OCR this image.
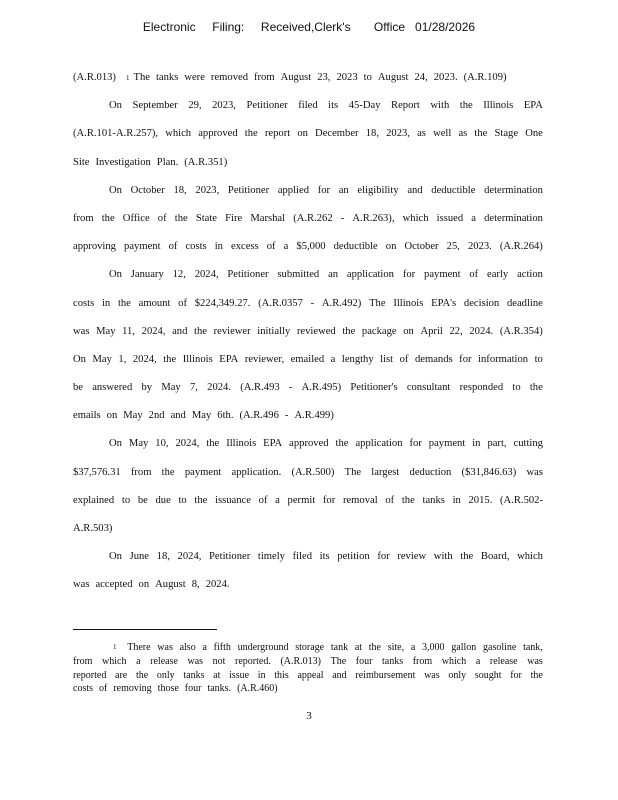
Electronic     Filing:     Received,Clerk's       Office   01/28/2026
(A.R.013) 1 The tanks were removed from August 23, 2023 to August 24, 2023. (A.R.109)
On September 29, 2023, Petitioner filed its 45-Day Report with the Illinois EPA
(A.R.101-A.R.257), which approved the report on December 18, 2023, as well as the Stage One
Site Investigation Plan. (A.R.351)
On October 18, 2023, Petitioner applied for an eligibility and deductible determination
from the Office of the State Fire Marshal (A.R.262 - A.R.263), which issued a determination
approving payment of costs in excess of a $5,000 deductible on October 25, 2023. (A.R.264)
On January 12, 2024, Petitioner submitted an application for payment of early action
costs in the amount of $224,349.27. (A.R.0357 - A.R.492) The Illinois EPA's decision deadline
was May 11, 2024, and the reviewer initially reviewed the package on April 22, 2024. (A.R.354)
On May 1, 2024, the Illinois EPA reviewer, emailed a lengthy list of demands for information to
be answered by May 7, 2024. (A.R.493 - A.R.495) Petitioner's consultant responded to the
emails on May 2nd and May 6th. (A.R.496 - A.R.499)
On May 10, 2024, the Illinois EPA approved the application for payment in part, cutting
$37,576.31 from the payment application. (A.R.500) The largest deduction ($31,846.63) was
explained to be due to the issuance of a permit for removal of the tanks in 2015. (A.R.502-
A.R.503)
On June 18, 2024, Petitioner timely filed its petition for review with the Board, which
was accepted on August 8, 2024.
1 There was also a fifth underground storage tank at the site, a 3,000 gallon gasoline tank,
from which a release was not reported. (A.R.013) The four tanks from which a release was
reported are the only tanks at issue in this appeal and reimbursement was only sought for the
costs of removing those four tanks. (A.R.460)
3
